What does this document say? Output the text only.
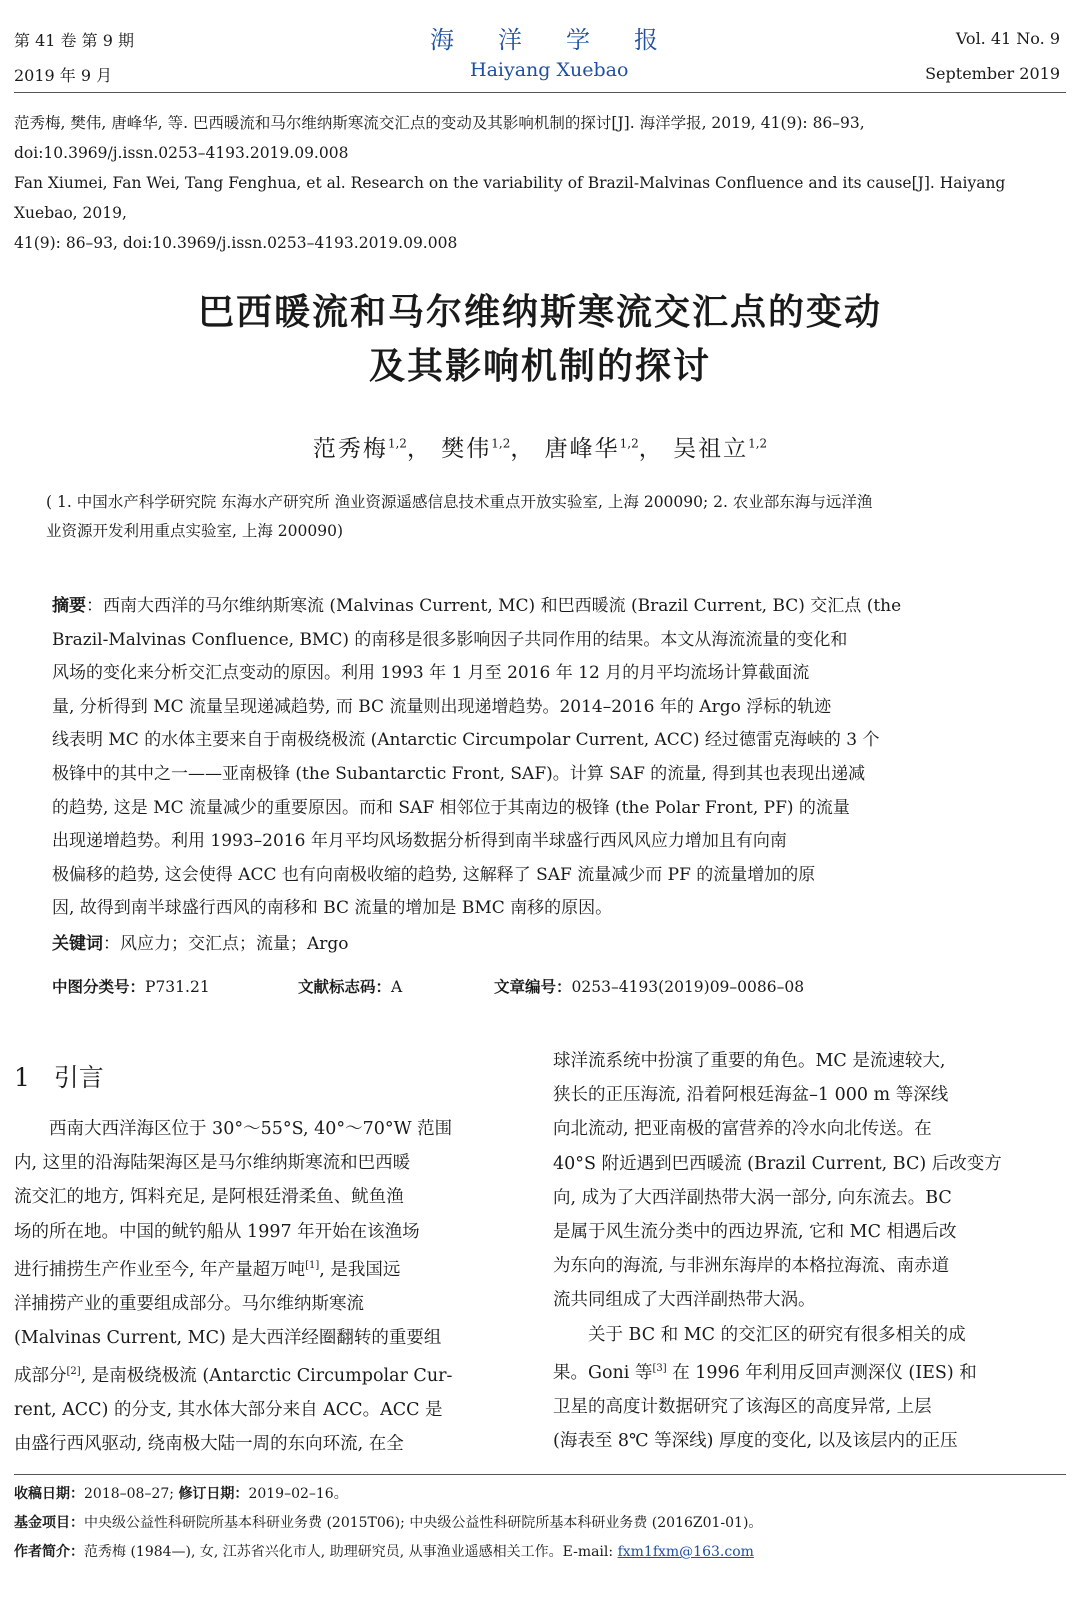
第 41 卷 第 9 期
2019 年 9 月
海洋学报
Haiyang Xuebao
Vol. 41 No. 9
September 2019
范秀梅, 樊伟, 唐峰华, 等. 巴西暖流和马尔维纳斯寒流交汇点的变动及其影响机制的探讨[J]. 海洋学报, 2019, 41(9): 86–93,
doi:10.3969/j.issn.0253–4193.2019.09.008
Fan Xiumei, Fan Wei, Tang Fenghua, et al. Research on the variability of Brazil-Malvinas Confluence and its cause[J]. Haiyang Xuebao, 2019,
41(9): 86–93, doi:10.3969/j.issn.0253–4193.2019.09.008
巴西暖流和马尔维纳斯寒流交汇点的变动
及其影响机制的探讨
范秀梅$^{1,2}$， 樊伟$^{1,2}$， 唐峰华$^{1,2}$， 吴祖立$^{1,2}$
( 1. 中国水产科学研究院 东海水产研究所 渔业资源遥感信息技术重点开放实验室, 上海 200090; 2. 农业部东海与远洋渔
业资源开发利用重点实验室, 上海 200090)
摘要：西南大西洋的马尔维纳斯寒流 (Malvinas Current, MC) 和巴西暖流 (Brazil Current, BC) 交汇点 (the
Brazil-Malvinas Confluence, BMC) 的南移是很多影响因子共同作用的结果。本文从海流流量的变化和
风场的变化来分析交汇点变动的原因。利用 1993 年 1 月至 2016 年 12 月的月平均流场计算截面流
量, 分析得到 MC 流量呈现递减趋势, 而 BC 流量则出现递增趋势。2014–2016 年的 Argo 浮标的轨迹
线表明 MC 的水体主要来自于南极绕极流 (Antarctic Circumpolar Current, ACC) 经过德雷克海峡的 3 个
极锋中的其中之一——亚南极锋 (the Subantarctic Front, SAF)。计算 SAF 的流量, 得到其也表现出递减
的趋势, 这是 MC 流量减少的重要原因。而和 SAF 相邻位于其南边的极锋 (the Polar Front, PF) 的流量
出现递增趋势。利用 1993–2016 年月平均风场数据分析得到南半球盛行西风风应力增加且有向南
极偏移的趋势, 这会使得 ACC 也有向南极收缩的趋势, 这解释了 SAF 流量减少而 PF 的流量增加的原
因, 故得到南半球盛行西风的南移和 BC 流量的增加是 BMC 南移的原因。
关键词：风应力；交汇点；流量；Argo
中图分类号：P731.21	文献标志码：A	文章编号：0253–4193(2019)09–0086–08
1 引言

　　西南大西洋海区位于 30°～55°S, 40°～70°W 范围

内, 这里的沿海陆架海区是马尔维纳斯寒流和巴西暖

流交汇的地方, 饵料充足, 是阿根廷滑柔鱼、鱿鱼渔

场的所在地。中国的鱿钓船从 1997 年开始在该渔场

进行捕捞生产作业至今, 年产量超万吨[1], 是我国远

洋捕捞产业的重要组成部分。马尔维纳斯寒流

(Malvinas Current, MC) 是大西洋经圈翻转的重要组

成部分[2], 是南极绕极流 (Antarctic Circumpolar Cur-

rent, ACC) 的分支, 其水体大部分来自 ACC。ACC 是

由盛行西风驱动, 绕南极大陆一周的东向环流, 在全

球洋流系统中扮演了重要的角色。MC 是流速较大,

狭长的正压海流, 沿着阿根廷海盆–1 000 m 等深线

向北流动, 把亚南极的富营养的冷水向北传送。在

40°S 附近遇到巴西暖流 (Brazil Current, BC) 后改变方

向, 成为了大西洋副热带大涡一部分, 向东流去。BC

是属于风生流分类中的西边界流, 它和 MC 相遇后改

为东向的海流, 与非洲东海岸的本格拉海流、南赤道

流共同组成了大西洋副热带大涡。

　　关于 BC 和 MC 的交汇区的研究有很多相关的成

果。Goni 等[3] 在 1996 年利用反回声测深仪 (IES) 和

卫星的高度计数据研究了该海区的高度异常, 上层

(海表至 8℃ 等深线) 厚度的变化, 以及该层内的正压

收稿日期：2018–08–27; 修订日期：2019–02–16。
基金项目：中央级公益性科研院所基本科研业务费 (2015T06); 中央级公益性科研院所基本科研业务费 (2016Z01-01)。
作者简介：范秀梅 (1984—), 女, 江苏省兴化市人, 助理研究员, 从事渔业遥感相关工作。E-mail: fxm1fxm@163.com
